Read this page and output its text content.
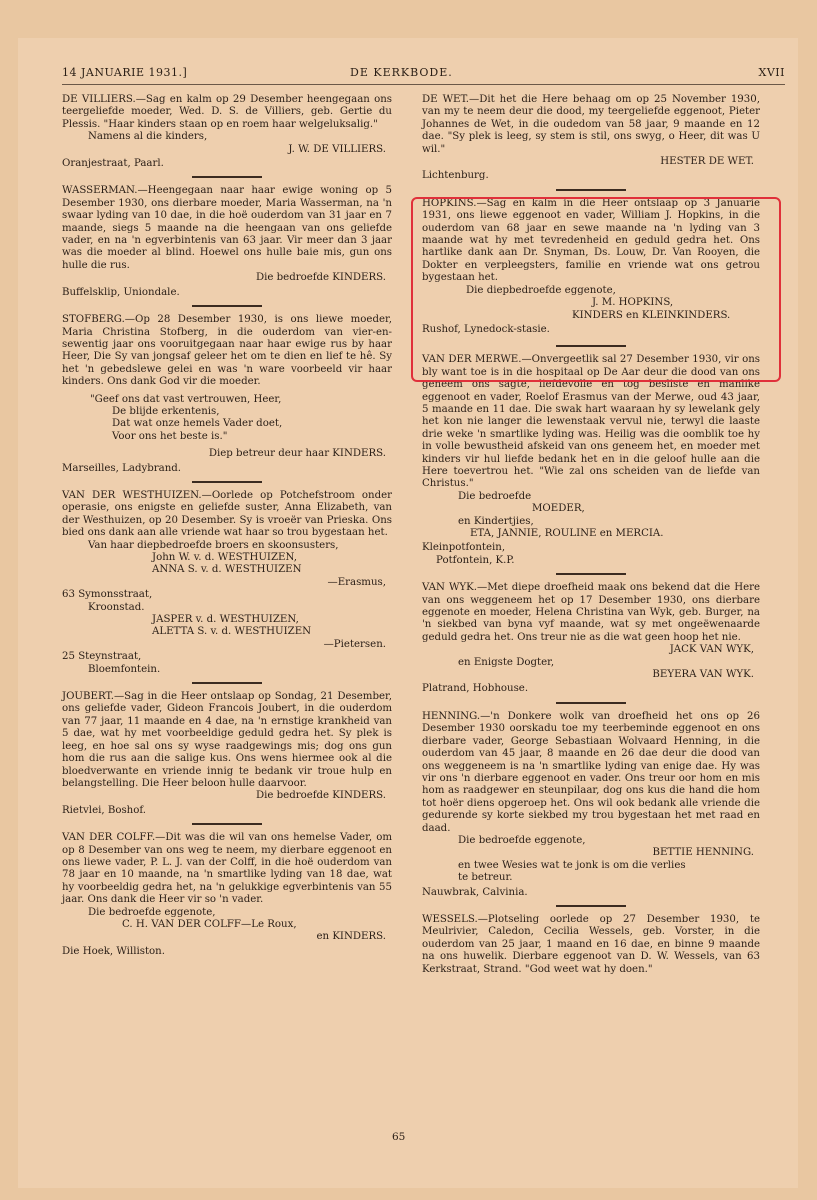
14 JANUARIE 1931.]	DE KERKBODE.	XVII

DE VILLIERS.—Sag en kalm op 29 Desember heengegaan ons teergeliefde moeder, Wed. D. S. de Villiers, geb. Gertie du Plessis. "Haar kinders staan op en roem haar welgeluksalig."

Namens al die kinders,

J. W. DE VILLIERS.

Oranjestraat, Paarl.

WASSERMAN.—Heengegaan naar haar ewige woning op 5 Desember 1930, ons dierbare moeder, Maria Wasserman, na 'n swaar lyding van 10 dae, in die hoë ouderdom van 31 jaar en 7 maande, siegs 5 maande na die heengaan van ons geliefde vader, en na 'n egverbintenis van 63 jaar. Vir meer dan 3 jaar was die moeder al blind. Hoewel ons hulle baie mis, gun ons hulle die rus.

Die bedroefde KINDERS.

Buffelsklip, Uniondale.

STOFBERG.—Op 28 Desember 1930, is ons liewe moeder, Maria Christina Stofberg, in die ouderdom van vier-en-sewentig jaar ons vooruitgegaan naar haar ewige rus by haar Heer, Die Sy van jongsaf geleer het om te dien en lief te hê. Sy het 'n gebedslewe gelei en was 'n ware voorbeeld vir haar kinders. Ons dank God vir die moeder.

"Geef ons dat vast vertrouwen, Heer,

De blijde erkentenis,

Dat wat onze hemels Vader doet,

Voor ons het beste is."

Diep betreur deur haar KINDERS.

Marseilles, Ladybrand.

VAN DER WESTHUIZEN.—Oorlede op Potchefstroom onder operasie, ons enigste en geliefde suster, Anna Elizabeth, van der Westhuizen, op 20 Desember. Sy is vroeër van Prieska. Ons bied ons dank aan alle vriende wat haar so trou bygestaan het.

Van haar diepbedroefde broers en skoonsusters,

John W. v. d. WESTHUIZEN,

ANNA S. v. d. WESTHUIZEN

—Erasmus,

63 Symonsstraat,

Kroonstad.

JASPER v. d. WESTHUIZEN,

ALETTA S. v. d. WESTHUIZEN

—Pietersen.

25 Steynstraat,

Bloemfontein.

JOUBERT.—Sag in die Heer ontslaap op Sondag, 21 Desember, ons geliefde vader, Gideon Francois Joubert, in die ouderdom van 77 jaar, 11 maande en 4 dae, na 'n ernstige krankheid van 5 dae, wat hy met voorbeeldige geduld gedra het. Sy plek is leeg, en hoe sal ons sy wyse raadgewings mis; dog ons gun hom die rus aan die salige kus. Ons wens hiermee ook al die bloedverwante en vriende innig te bedank vir troue hulp en belangstelling. Die Heer beloon hulle daarvoor.

Die bedroefde KINDERS.

Rietvlei, Boshof.

VAN DER COLFF.—Dit was die wil van ons hemelse Vader, om op 8 Desember van ons weg te neem, my dierbare eggenoot en ons liewe vader, P. L. J. van der Colff, in die hoë ouderdom van 78 jaar en 10 maande, na 'n smartlike lyding van 18 dae, wat hy voorbeeldig gedra het, na 'n gelukkige egverbintenis van 55 jaar. Ons dank die Heer vir so 'n vader.

Die bedroefde eggenote,

C. H. VAN DER COLFF—Le Roux,

en KINDERS.

Die Hoek, Williston.

DE WET.—Dit het die Here behaag om op 25 November 1930, van my te neem deur die dood, my teergeliefde eggenoot, Pieter Johannes de Wet, in die oudedom van 58 jaar, 9 maande en 12 dae. "Sy plek is leeg, sy stem is stil, ons swyg, o Heer, dit was U wil."

HESTER DE WET.

Lichtenburg.

HOPKINS.—Sag en kalm in die Heer ontslaap op 3 Januarie 1931, ons liewe eggenoot en vader, William J. Hopkins, in die ouderdom van 68 jaar en sewe maande na 'n lyding van 3 maande wat hy met tevredenheid en geduld gedra het. Ons hartlike dank aan Dr. Snyman, Ds. Louw, Dr. Van Rooyen, die Dokter en verpleegsters, familie en vriende wat ons getrou bygestaan het.

Die diepbedroefde eggenote,

J. M. HOPKINS,

KINDERS en KLEINKINDERS.

Rushof, Lynedock-stasie.

VAN DER MERWE.—Onvergeetlik sal 27 Desember 1930, vir ons bly want toe is in die hospitaal op De Aar deur die dood van ons geneem ons sagte, liefdevolle en tog besliste en manlike eggenoot en vader, Roelof Erasmus van der Merwe, oud 43 jaar, 5 maande en 11 dae. Die swak hart waaraan hy sy lewelank gely het kon nie langer die lewenstaak vervul nie, terwyl die laaste drie weke 'n smartlike lyding was. Heilig was die oomblik toe hy in volle bewustheid afskeid van ons geneem het, en moeder met kinders vir hul liefde bedank het en in die geloof hulle aan die Here toevertrou het. "Wie zal ons scheiden van de liefde van Christus."

Die bedroefde

MOEDER,

en Kindertjies,

ETA, JANNIE, ROULINE en MERCIA.

Kleinpotfontein,

Potfontein, K.P.

VAN WYK.—Met diepe droefheid maak ons bekend dat die Here van ons weggeneem het op 17 Desember 1930, ons dierbare eggenote en moeder, Helena Christina van Wyk, geb. Burger, na 'n siekbed van byna vyf maande, wat sy met ongeëwenaarde geduld gedra het. Ons treur nie as die wat geen hoop het nie.

JACK VAN WYK,

en Enigste Dogter,

BEYERA VAN WYK.

Platrand, Hobhouse.

HENNING.—'n Donkere wolk van droefheid het ons op 26 Desember 1930 oorskadu toe my teerbeminde eggenoot en ons dierbare vader, George Sebastiaan Wolvaard Henning, in die ouderdom van 45 jaar, 8 maande en 26 dae deur die dood van ons weggeneem is na 'n smartlike lyding van enige dae. Hy was vir ons 'n dierbare eggenoot en vader. Ons treur oor hom en mis hom as raadgewer en steunpilaar, dog ons kus die hand die hom tot hoër diens opgeroep het. Ons wil ook bedank alle vriende die gedurende sy korte siekbed my trou bygestaan het met raad en daad.

Die bedroefde eggenote,

BETTIE HENNING.

en twee Wesies wat te jonk is om die verlies

te betreur.

Nauwbrak, Calvinia.

WESSELS.—Plotseling oorlede op 27 Desember 1930, te Meulrivier, Caledon, Cecilia Wessels, geb. Vorster, in die ouderdom van 25 jaar, 1 maand en 16 dae, en binne 9 maande na ons huwelik. Dierbare eggenoot van D. W. Wessels, van 63 Kerkstraat, Strand. "God weet wat hy doen."

65
